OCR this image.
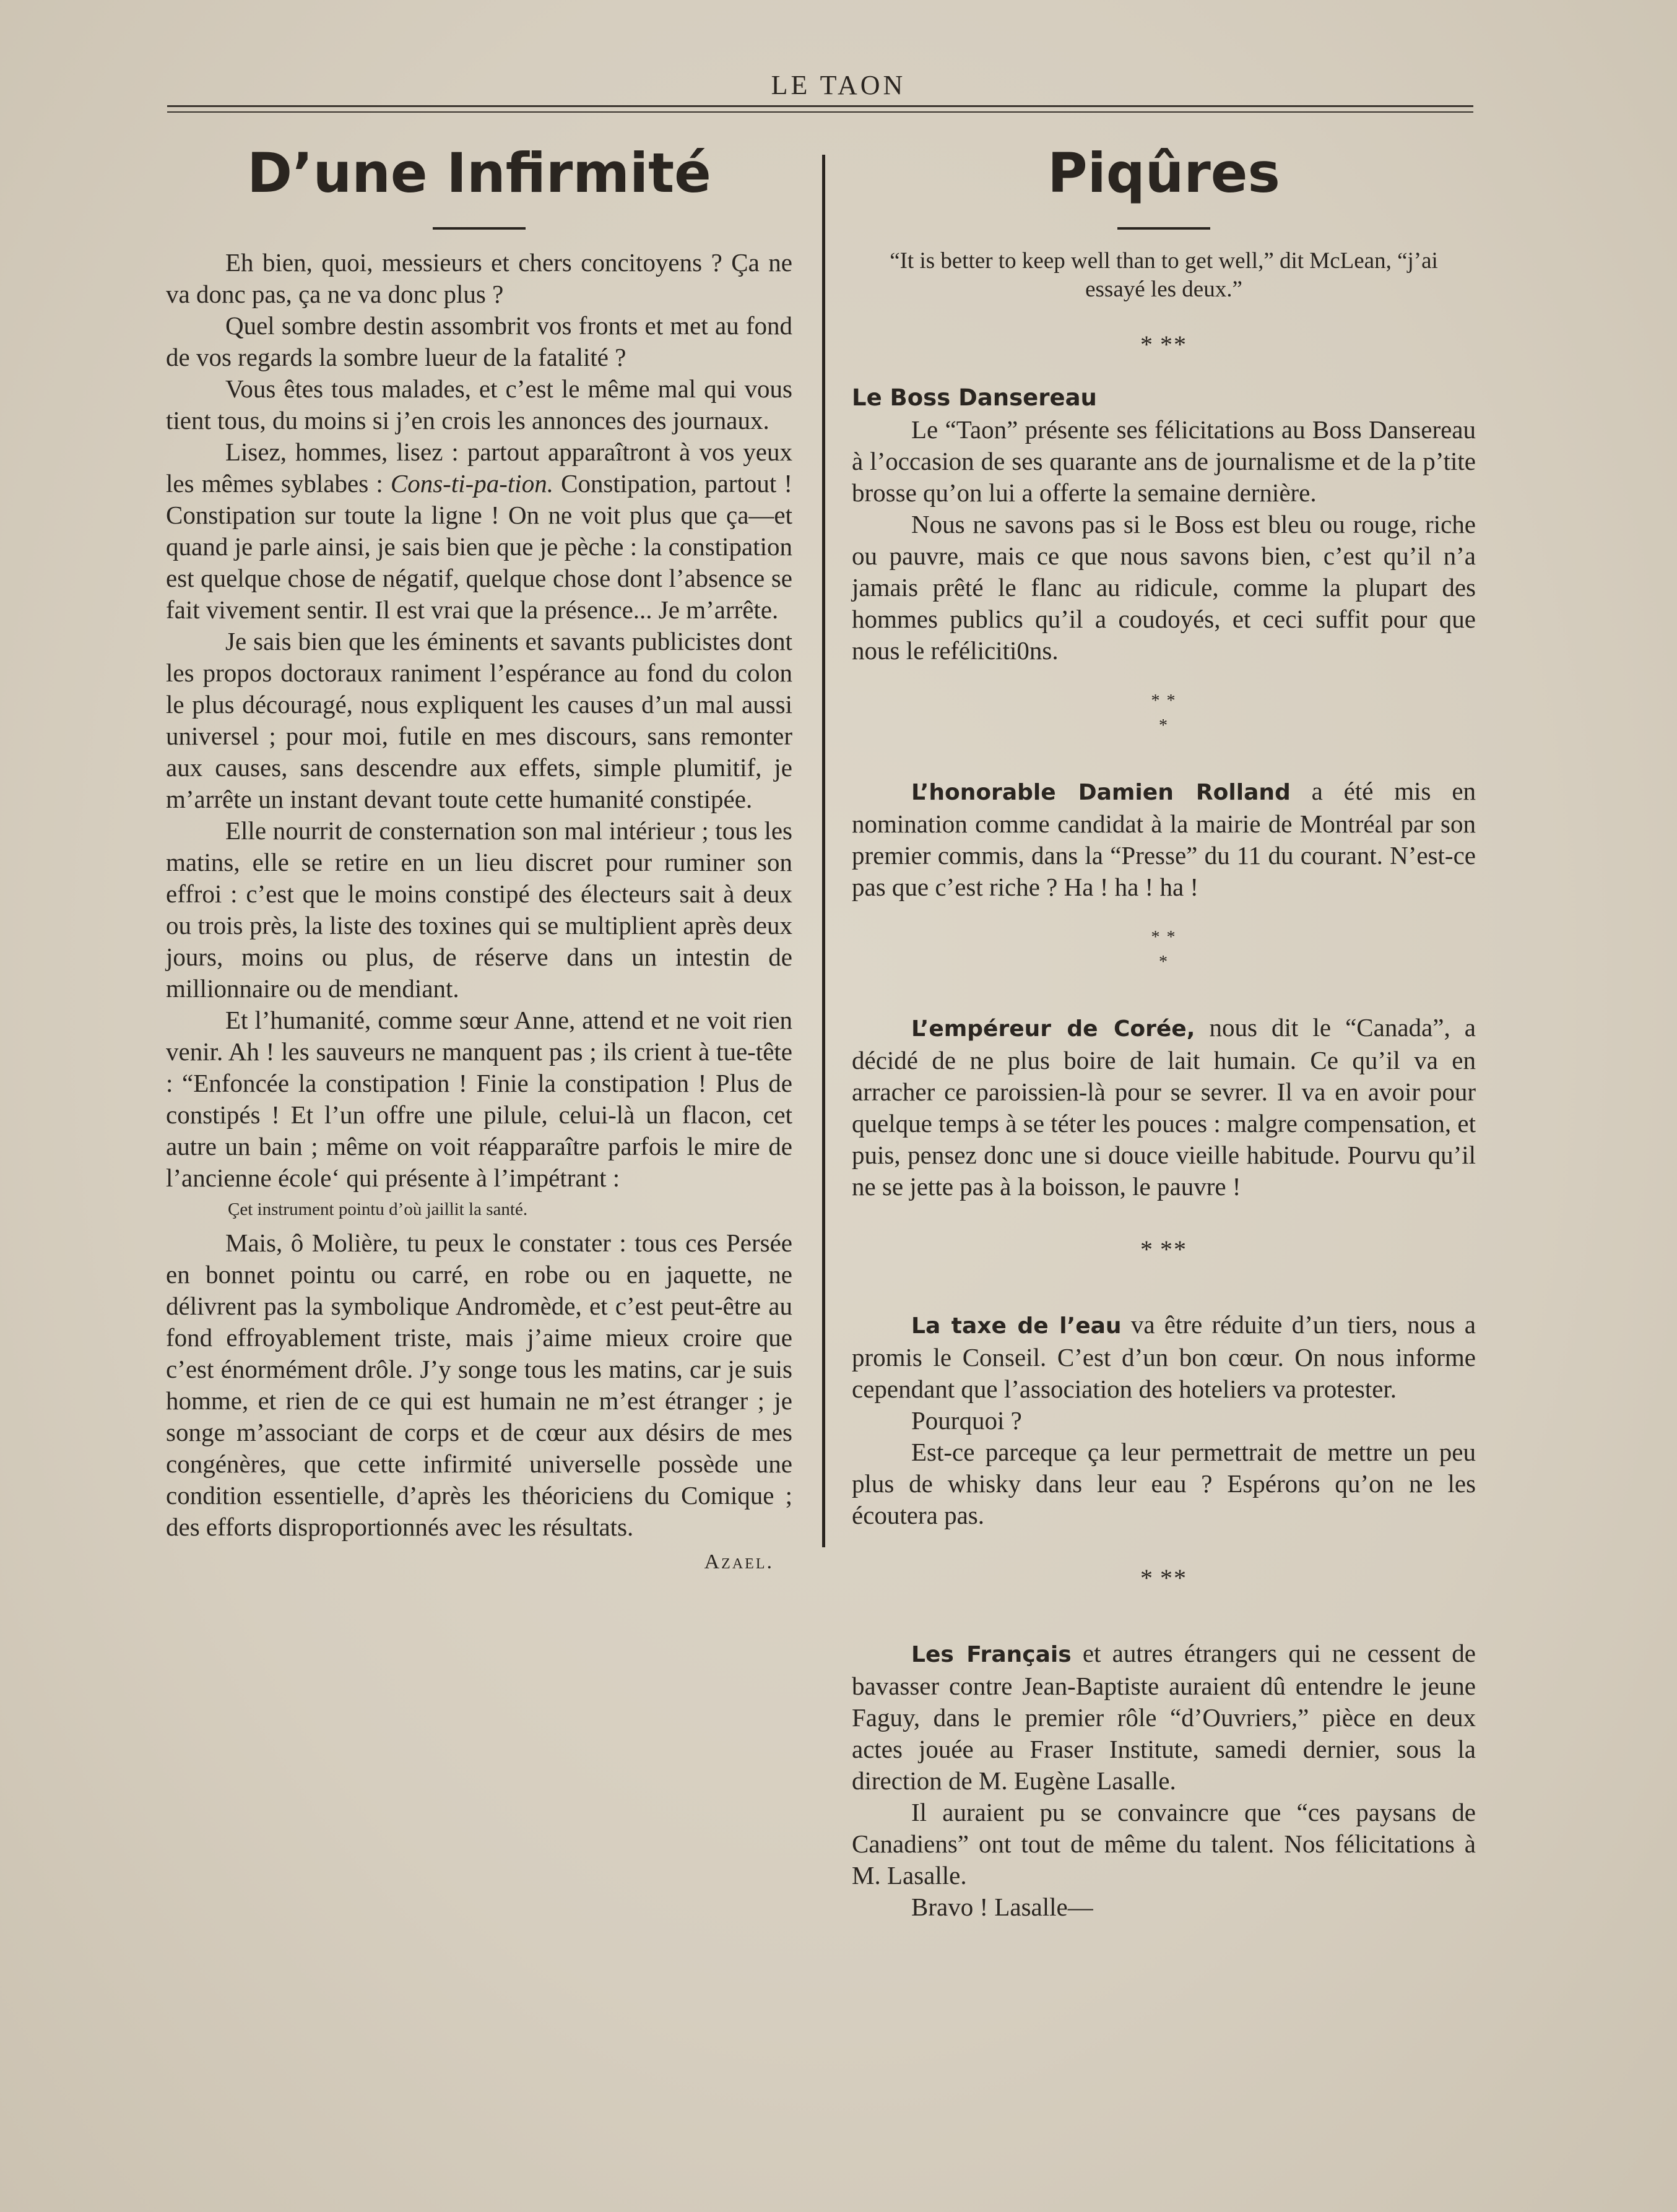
LE TAON
D’une Infirmité

Eh bien, quoi, messieurs et chers concitoyens ? Ça ne va donc pas, ça ne va donc plus ?

Quel sombre destin assombrit vos fronts et met au fond de vos regards la sombre lueur de la fatalité ?

Vous êtes tous malades, et c’est le même mal qui vous tient tous, du moins si j’en crois les annonces des journaux.

Lisez, hommes, lisez : partout apparaîtront à vos yeux les mêmes syblabes : Cons-ti-pa-tion. Constipation, partout ! Constipation sur toute la ligne ! On ne voit plus que ça—et quand je parle ainsi, je sais bien que je pèche : la constipation est quelque chose de négatif, quelque chose dont l’absence se fait vivement sentir. Il est vrai que la présence... Je m’arrête.

Je sais bien que les éminents et savants publicistes dont les propos doctoraux raniment l’espérance au fond du colon le plus découragé, nous expliquent les causes d’un mal aussi universel ; pour moi, futile en mes discours, sans remonter aux causes, sans descendre aux effets, simple plumitif, je m’arrête un instant devant toute cette humanité constipée.

Elle nourrit de consternation son mal intérieur ; tous les matins, elle se retire en un lieu discret pour ruminer son effroi : c’est que le moins constipé des électeurs sait à deux ou trois près, la liste des toxines qui se multiplient après deux jours, moins ou plus, de réserve dans un intestin de millionnaire ou de mendiant.

Et l’humanité, comme sœur Anne, attend et ne voit rien venir. Ah ! les sauveurs ne manquent pas ; ils crient à tue-tête : “Enfoncée la constipation ! Finie la constipation ! Plus de constipés ! Et l’un offre une pilule, celui-là un flacon, cet autre un bain ; même on voit réapparaître parfois le mire de l’ancienne école‘ qui présente à l’impétrant :

Çet instrument pointu d’où jaillit la santé.

Mais, ô Molière, tu peux le constater : tous ces Persée en bonnet pointu ou carré, en robe ou en jaquette, ne délivrent pas la symbolique Andromède, et c’est peut-être au fond effroyablement triste, mais j’aime mieux croire que c’est énormément drôle. J’y songe tous les matins, car je suis homme, et rien de ce qui est humain ne m’est étranger ; je songe m’associant de corps et de cœur aux désirs de mes congénères, que cette infirmité universelle possède une condition essentielle, d’après les théoriciens du Comique ; des efforts disproportionnés avec les résultats.

Azael.

Piqûres

“It is better to keep well than to get well,” dit McLean, “j’ai essayé les deux.”

* **

Le Boss Dansereau

Le “Taon” présente ses félicitations au Boss Dansereau à l’occasion de ses quarante ans de journalisme et de la p’tite brosse qu’on lui a offerte la semaine dernière.

Nous ne savons pas si le Boss est bleu ou rouge, riche ou pauvre, mais ce que nous savons bien, c’est qu’il n’a jamais prêté le flanc au ridicule, comme la plupart des hommes publics qu’il a coudoyés, et ceci suffit pour que nous le reféliciti0ns.

* *
*

L’honorable Damien Rolland a été mis en nomination comme candidat à la mairie de Montréal par son premier commis, dans la “Presse” du 11 du courant. N’est-ce pas que c’est riche ? Ha ! ha ! ha !

* *
*

L’empéreur de Corée, nous dit le “Canada”, a décidé de ne plus boire de lait humain. Ce qu’il va en arracher ce paroissien-là pour se sevrer. Il va en avoir pour quelque temps à se téter les pouces : malgre compensation, et puis, pensez donc une si douce vieille habitude. Pourvu qu’il ne se jette pas à la boisson, le pauvre !

* **

La taxe de l’eau va être réduite d’un tiers, nous a promis le Conseil. C’est d’un bon cœur. On nous informe cependant que l’association des hoteliers va protester.

Pourquoi ?

Est-ce parceque ça leur permettrait de mettre un peu plus de whisky dans leur eau ? Espérons qu’on ne les écoutera pas.

* **

Les Français et autres étrangers qui ne cessent de bavasser contre Jean-Baptiste auraient dû entendre le jeune Faguy, dans le premier rôle “d’Ouvriers,” pièce en deux actes jouée au Fraser Institute, samedi dernier, sous la direction de M. Eugène Lasalle.

Il auraient pu se convaincre que “ces paysans de Canadiens” ont tout de même du talent. Nos félicitations à M. Lasalle.

Bravo ! Lasalle—
